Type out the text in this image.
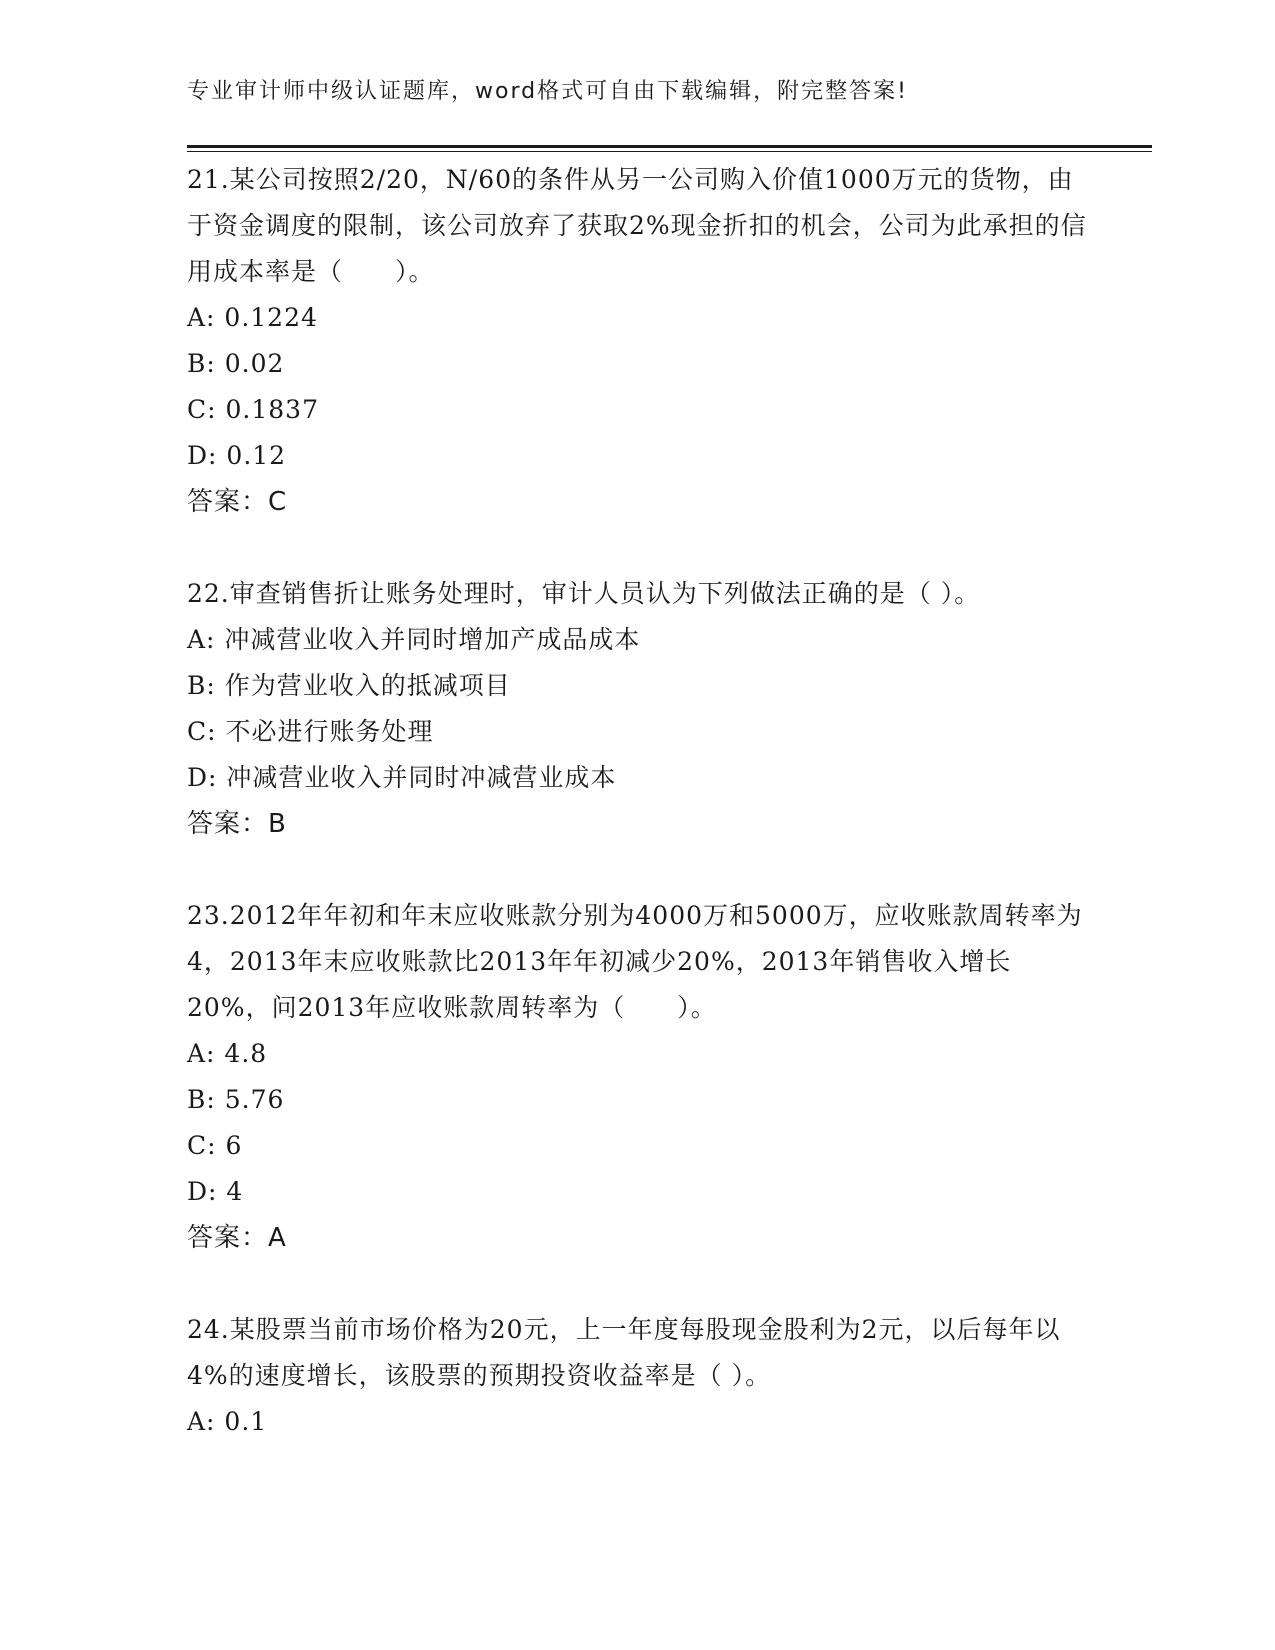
专业审计师中级认证题库，word格式可自由下载编辑，附完整答案!

21.某公司按照2/20，N/60的条件从另一公司购入价值1000万元的货物，由于资金调度的限制，该公司放弃了获取2%现金折扣的机会，公司为此承担的信用成本率是（　　）。

A: 0.1224

B: 0.02

C: 0.1837

D: 0.12

答案：C

22.审查销售折让账务处理时，审计人员认为下列做法正确的是（ ）。

A: 冲减营业收入并同时增加产成品成本

B: 作为营业收入的抵减项目

C: 不必进行账务处理

D: 冲减营业收入并同时冲减营业成本

答案：B

23.2012年年初和年末应收账款分别为4000万和5000万，应收账款周转率为4，2013年末应收账款比2013年年初减少20%，2013年销售收入增长20%，问2013年应收账款周转率为（　　）。

A: 4.8

B: 5.76

C: 6

D: 4

答案：A

24.某股票当前市场价格为20元，上一年度每股现金股利为2元，以后每年以4%的速度增长，该股票的预期投资收益率是（ ）。

A: 0.1
